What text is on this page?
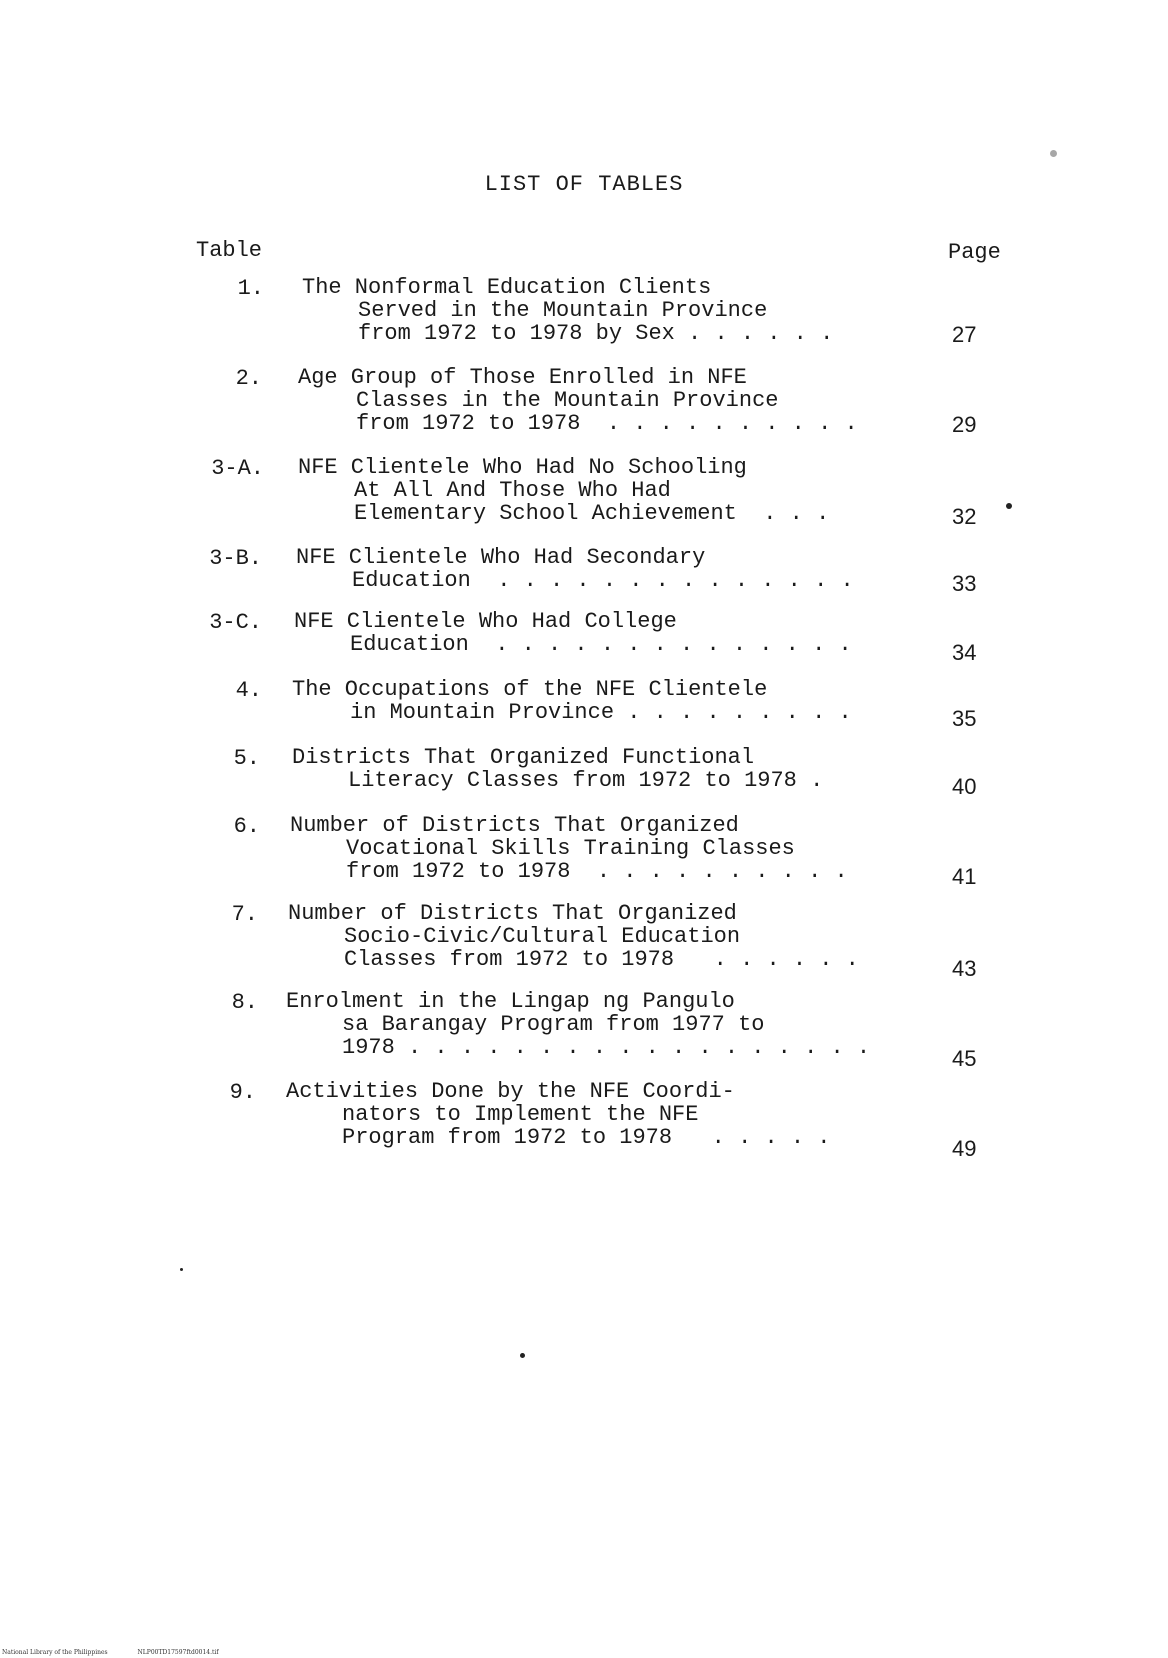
LIST OF TABLES
Table	Page
1. The Nonformal Education Clients
Served in the Mountain Province
from 1972 to 1978 by Sex . . . . . .	27
2. Age Group of Those Enrolled in NFE
Classes in the Mountain Province
from 1972 to 1978  . . . . . . . . . .	29
3-A. NFE Clientele Who Had No Schooling
At All And Those Who Had
Elementary School Achievement  . . .	32
3-B. NFE Clientele Who Had Secondary
Education  . . . . . . . . . . . . . .	33
3-C. NFE Clientele Who Had College
Education  . . . . . . . . . . . . . .	34
4. The Occupations of the NFE Clientele
in Mountain Province . . . . . . . . .	35
5. Districts That Organized Functional
Literacy Classes from 1972 to 1978 .	40
6. Number of Districts That Organized
Vocational Skills Training Classes
from 1972 to 1978  . . . . . . . . . .	41
7. Number of Districts That Organized
Socio-Civic/Cultural Education
Classes from 1972 to 1978   . . . . . .	43
8. Enrolment in the Lingap ng Pangulo
sa Barangay Program from 1977 to
1978 . . . . . . . . . . . . . . . . . .	45
9. Activities Done by the NFE Coordi-
nators to Implement the NFE
Program from 1972 to 1978   . . . . .	49
National Library of the Philippines	NLP00TD17597ftd0014.tif
